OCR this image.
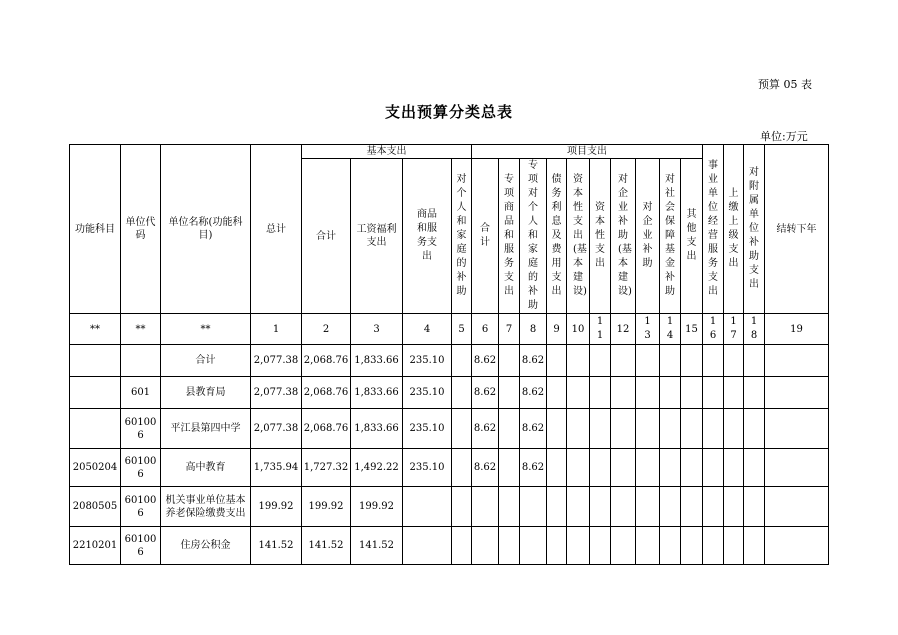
预算 05 表
支出预算分类总表
单位:万元
功能科目	单位代码	单位名称(功能科目)	总计	基本支出				项目支出										事业单位经营服务支出	上缴上级支出	对附属单位补助支出	结转下年
				合计	工资福利支出	商品和服务支出	对个人和家庭的补助	合计	专项商品和服务支出	专项对个人和家庭的补助	债务利息及费用支出	资本性支出(基本建设)	资本性支出	对企业补助(基本建设)	对企业补助	对社会保障基金补助	其他支出				

**	**	**	1	2	3	4	5	6	7	8	9	10	11	12	13	14	15	16	17	18	19
		合计	2,077.38	2,068.76	1,833.66	235.10		8.62		8.62											
	601	县教育局	2,077.38	2,068.76	1,833.66	235.10		8.62		8.62											
	601006	平江县第四中学	2,077.38	2,068.76	1,833.66	235.10		8.62		8.62											
2050204	601006	高中教育	1,735.94	1,727.32	1,492.22	235.10		8.62		8.62											
2080505	601006	机关事业单位基本养老保险缴费支出	199.92	199.92	199.92																
2210201	601006	住房公积金	141.52	141.52	141.52																
